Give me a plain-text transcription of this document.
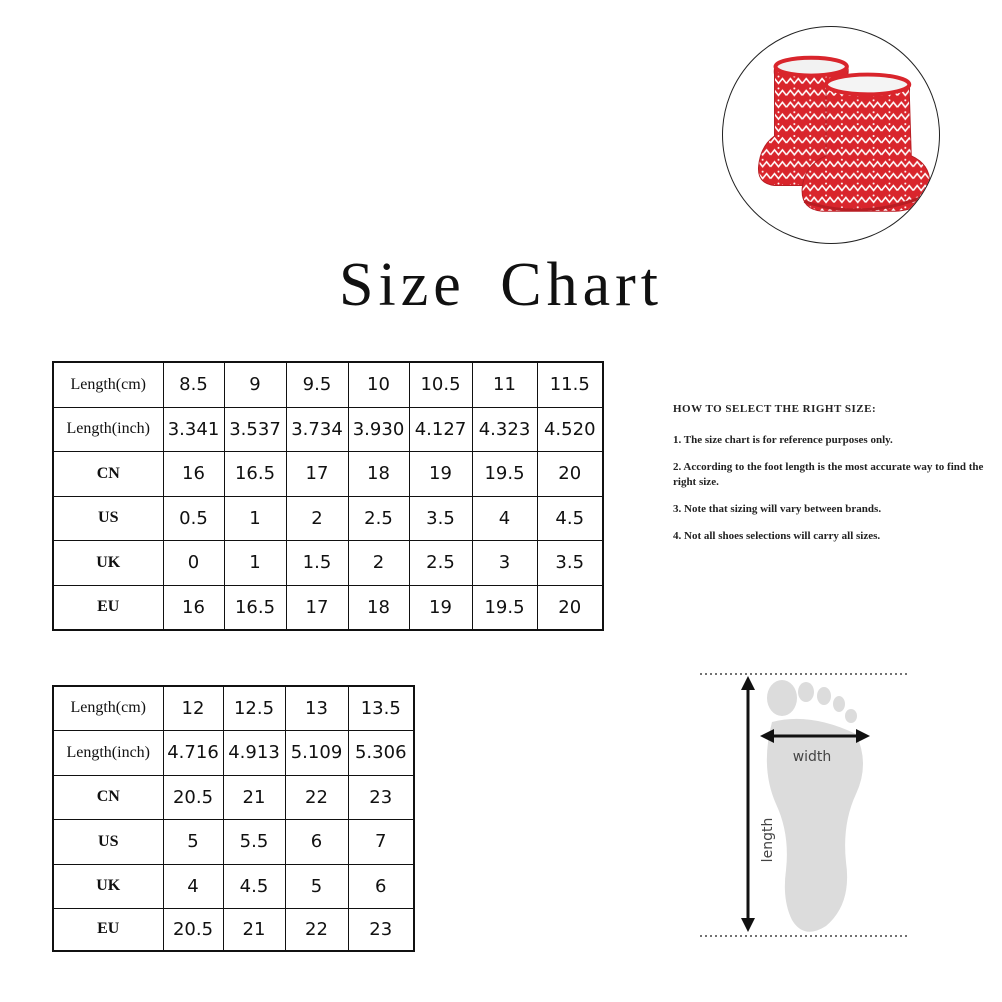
Size Chart
Length(cm)	8.5	9	9.5	10	10.5	11	11.5
Length(inch)	3.341	3.537	3.734	3.930	4.127	4.323	4.520
CN	16	16.5	17	18	19	19.5	20
US	0.5	1	2	2.5	3.5	4	4.5
UK	0	1	1.5	2	2.5	3	3.5
EU	16	16.5	17	18	19	19.5	20
Length(cm)	12	12.5	13	13.5
Length(inch)	4.716	4.913	5.109	5.306
CN	20.5	21	22	23
US	5	5.5	6	7
UK	4	4.5	5	6
EU	20.5	21	22	23

HOW TO SELECT THE RIGHT SIZE:

1. The size chart is for reference purposes only.

2. According to the foot length is the most accurate way to find the right size.

3. Note that sizing will vary between brands.

4. Not all shoes selections will carry all sizes.

width
length
